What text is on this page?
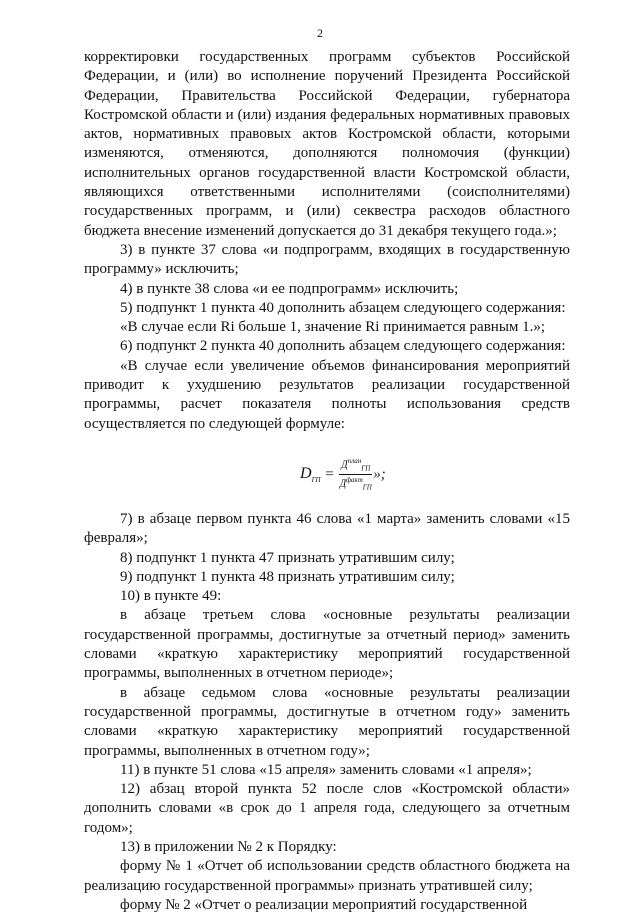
2

корректировки государственных программ субъектов Российской Федерации, и (или) во исполнение поручений Президента Российской Федерации, Правительства Российской Федерации, губернатора Костромской области и (или) издания федеральных нормативных правовых актов, нормативных правовых актов Костромской области, которыми изменяются, отменяются, дополняются полномочия (функции) исполнительных органов государственной власти Костромской области, являющихся ответственными исполнителями (соисполнителями) государственных программ, и (или) секвестра расходов областного бюджета внесение изменений допускается до 31 декабря текущего года.»;

3) в пункте 37 слова «и подпрограмм, входящих в государственную программу» исключить;

4) в пункте 38 слова «и ее подпрограмм» исключить;

5) подпункт 1 пункта 40 дополнить абзацем следующего содержания:

«В случае если Ri больше 1, значение Ri принимается равным 1.»;

6) подпункт 2 пункта 40 дополнить абзацем следующего содержания:

«В случае если увеличение объемов финансирования мероприятий приводит к ухудшению результатов реализации государственной программы, расчет показателя полноты использования средств осуществляется по следующей формуле:

$D_{ГП} = \frac{Д^{план}_{ГП}}{Д^{факт}_{ГП}}$ »;

7) в абзаце первом пункта 46 слова «1 марта» заменить словами «15 февраля»;

8) подпункт 1 пункта 47 признать утратившим силу;

9) подпункт 1 пункта 48 признать утратившим силу;

10) в пункте 49:

в абзаце третьем слова «основные результаты реализации государственной программы, достигнутые за отчетный период» заменить словами «краткую характеристику мероприятий государственной программы, выполненных в отчетном периоде»;

в абзаце седьмом слова «основные результаты реализации государственной программы, достигнутые в отчетном году» заменить словами «краткую характеристику мероприятий государственной программы, выполненных в отчетном году»;

11) в пункте 51 слова «15 апреля» заменить словами «1 апреля»;

12) абзац второй пункта 52 после слов «Костромской области» дополнить словами «в срок до 1 апреля года, следующего за отчетным годом»;

13) в приложении № 2 к Порядку:

форму № 1 «Отчет об использовании средств областного бюджета на реализацию государственной программы» признать утратившей силу;

форму № 2 «Отчет о реализации мероприятий государственной
